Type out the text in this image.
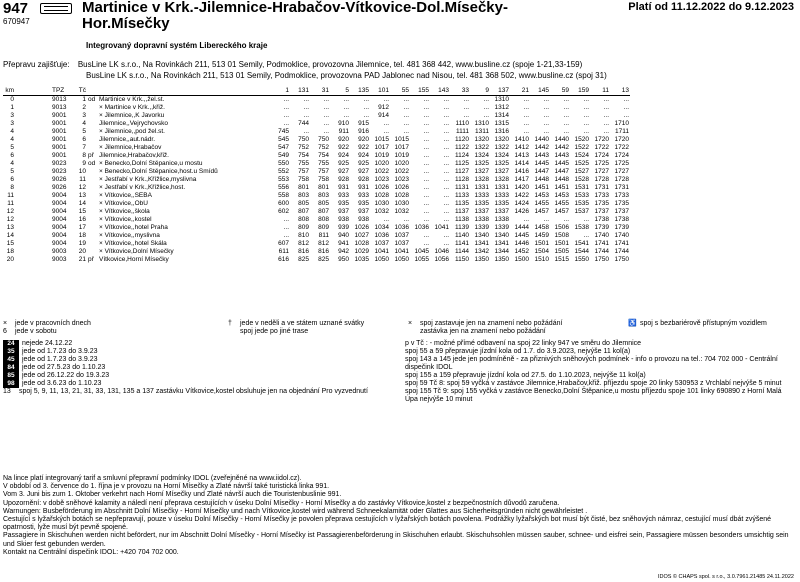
947
670947
Martinice v Krk.-Jilemnice-Hrabačov-Vítkovice-Dol.Mísečky-Hor.Mísečky
Platí od 11.12.2022 do 9.12.2023
Integrovaný dopravní systém Libereckého kraje
Přepravu zajišťuje: BusLine LK s.r.o., Na Rovinkách 211, 513 01 Semily, Podmoklice, provozovna Jilemnice, tel. 481 368 442, www.busline.cz (spoje 1-21,33-159)
BusLine LK s.r.o., Na Rovinkách 211, 513 01 Semily, Podmoklice, provozovna PAD Jablonec nad Nisou, tel. 481 368 502, www.busline.cz (spoj 31)
km				TPZ	Tč			1	131	31	5	135	101	55	155	143	33	9	137	21	145	59	159	11	13
0				9013	1	od	Martinice v Krk.,,žel.st.	...	...	...	...	...	...	...	...	...	...	...	1310	...	...	...	...	...	...
1				9013	2		× Martinice v Krk.,,křiž.	...	...	...	...	...	912	...	...	...	...	...	1312	...	...	...	...	...	...
3				9001	3		× Jilemnice,,K Javorku	...	...	...	...	...	914	...	...	...	...	...	1314	...	...	...	...	...	...
3				9001	4		Jilemnice,,Vejrychovsko	...	744	...	910	915	...	...	...	...	1110	1310	1315	...	...	...	...	...	1710
4				9001	5		× Jilemnice,,pod žel.st.	745	...	...	911	916	...	...	...	...	1111	1311	1316	...	...	...	...	...	1711
4				9001	6		Jilemnice,,aut.nádr.	545	750	750	920	920	1015	1015	...	...	1120	1320	1320	1410	1440	1440	1520	1720	1720
5				9001	7		× Jilemnice,Hrabačov	547	752	752	922	922	1017	1017	...	...	1122	1322	1322	1412	1442	1442	1522	1722	1722
6				9001	8	př	Jilemnice,Hrabačov,křiž.	549	754	754	924	924	1019	1019	...	...	1124	1324	1324	1413	1443	1443	1524	1724	1724
4				9023	9	od	× Benecko,Dolní Štěpanice,u mostu	550	755	755	925	925	1020	1020	...	...	1125	1325	1325	1414	1445	1445	1525	1725	1725
5				9023	10		× Benecko,Dolní Štěpanice,host.u Šmídů	552	757	757	927	927	1022	1022	...	...	1127	1327	1327	1416	1447	1447	1527	1727	1727
6				9026	11		× Jestřabí v Krk.,Křížlice,myslivna	553	758	758	928	928	1023	1023	...	...	1128	1328	1328	1417	1448	1448	1528	1728	1728
8				9026	12		× Jestřabí v Krk.,Křížlice,host.	556	801	801	931	931	1026	1026	...	...	1131	1331	1331	1420	1451	1451	1531	1731	1731
11				9004	13		× Vítkovice,,SEBA	558	803	803	933	933	1028	1028	...	...	1133	1333	1333	1422	1453	1453	1533	1733	1733
11				9004	14		× Vítkovice,,ObÚ	600	805	805	935	935	1030	1030	...	...	1135	1335	1335	1424	1455	1455	1535	1735	1735
12				9004	15		× Vítkovice,,škola	602	807	807	937	937	1032	1032	...	...	1137	1337	1337	1426	1457	1457	1537	1737	1737
12				9004	16		× Vítkovice,,kostel	...	808	808	938	938	...	...	...	...	1138	1338	1338	...	...	...	...	1738	1738
13				9004	17		× Vítkovice,,hotel Praha	...	809	809	939	1026	1034	1036	1036	1041	1139	1339	1339	1444	1458	1506	1538	1739	1739
14				9004	18		× Vítkovice,,myslivna	...	810	811	940	1027	1036	1037	...	...	1140	1340	1340	1445	1459	1508	...	1740	1740
15				9004	19		× Vítkovice,,hotel Skála	607	812	812	941	1028	1037	1037	...	...	1141	1341	1341	1446	1501	1501	1541	1741	1741
18				9003	20		× Vítkovice,Dolní Mísečky	611	816	816	942	1029	1041	1041	1045	1046	1144	1342	1344	1452	1504	1505	1544	1744	1744
20				9003	21	př	Vítkovice,Horní Mísečky	616	825	825	950	1035	1050	1050	1055	1056	1150	1350	1350	1500	1510	1515	1550	1750	1750
× jede v pracovních dnech
6 jede v sobotu
† jede v neděli a ve státem uznané svátky
spoj jede po jiné trase
× spoj zastavuje jen na znamení nebo požádání
zastávka jen na znamení nebo požádání
♿ spoj s bezbariérově přístupným vozidlem
24 nejede 24.12.22
35 jede od 1.7.23 do 3.9.23
45 jede od 1.7.23 do 3.9.23
84 jede od 27.5.23 do 1.10.23
85 jede od 26.12.22 do 19.3.23
98 jede od 3.6.23 do 1.10.23
13 spoj 5, 9, 11, 13, 21, 31, 33, 131, 135 a 137 zastávku Vítkovice,kostel obsluhuje jen na objednání Pro vyzvednutí
p v Tč : - možné přímé odbavení na spoj 22 linky 947 ve směru do Jilemnice
spoj 55 a 59 přepravuje jízdní kola od 1.7. do 3.9.2023, nejvýše 11 kol(a)
spoj 143 a 145 jede jen podmíněně - za přiznivých sněhových podmínek - info o provozu na tel.: 704 702 000 - Centrální dispečink IDOL
spoj 155 a 159 přepravuje jízdní kola od 27.5. do 1.10.2023, nejvýše 11 kol(a)
spoj 59 Tč 8: spoj 59 vyčká v zastávce Jilemnice,Hrabačov,křiž. příjezdu spoje 20 linky 530953 z Vrchlabí nejvýše 5 minut
spoj 155 Tč 9: spoj 155 vyčká v zastávce Benecko,Dolní Štěpanice,u mostu příjezdu spoje 101 linky 690890 z Horní Malá Úpa nejvýše 10 minut
Na lince platí integrovaný tarif a smluvní přepravní podmínky IDOL (zveřejněné na www.iidol.cz).
V období od 3. července do 1. října je v provozu na Horní Mísečky a Zlaté návrší také turistická linka 991.
Vom 3. Juni bis zum 1. Oktober verkehrt nach Horní Mísečky und Zlaté návrší auch die Touristenbuslinie 991.
Upozornění: v době sněhové kalamity a náledí není přeprava cestujících v úseku Dolní Mísečky - Horní Mísečky a do zastávky Vítkovice,kostel z bezpečnostních důvodů zaručena.
Warnungen: Busbeförderung im Abschnitt Dolní Mísečky - Horní Mísečky und nach Vítkovice,kostel wird während Schneekalamität oder Glattes aus Sicherheitsgründen nicht gewährleistet .
Cestující s lyžařských botách se nepřepravují, pouze v úseku Dolní Mísečky - Horní Mísečky je povolen přeprava cestujících v lyžařských botách povolena. Podrážky lyžařských bot musí být čisté, bez sněhových námraz, cestující musí dbát zvýšené opatrnosti, lyže musí být pevně spojené.
Passagiere in Skischuhen werden nicht befördert, nur im Abschnitt Dolní Mísečky - Horní Mísečky ist Passagierenbeförderung in Skischuhen erlaubt. Skischuhsohlen müssen sauber, schnee- und eisfrei sein, Passagiere müssen besonders umsichtig sein und Skier fest gebunden werden.
Kontakt na Centrální dispečink IDOL: +420 704 702 000.
IDOS © CHAPS spol. s r.o., 3.0.7961.21485 24.11.2022
